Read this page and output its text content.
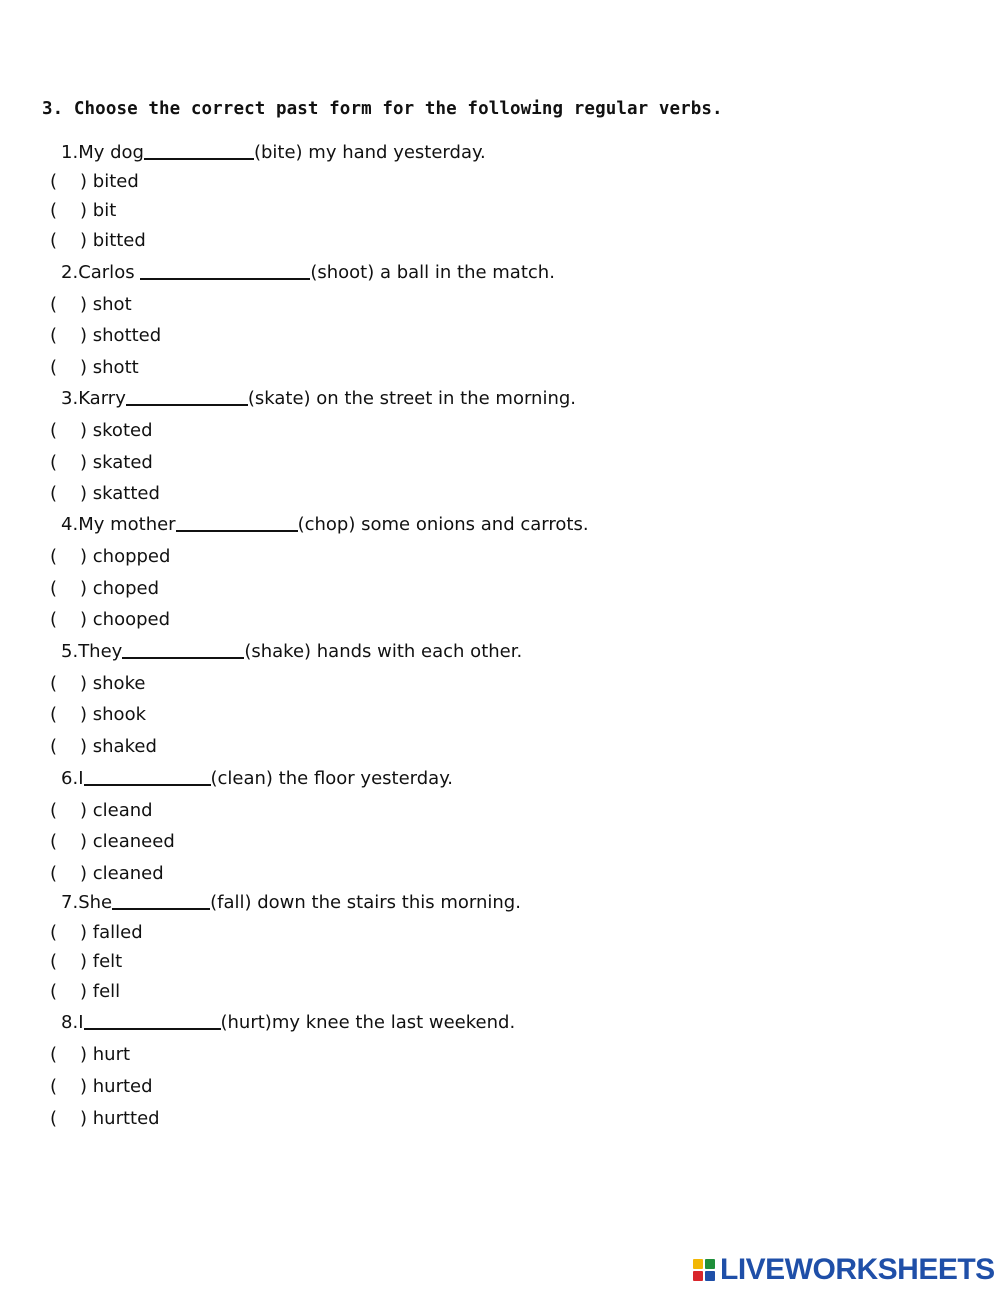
3. Choose the correct past form for the following regular verbs.
1.My dog	(bite) my hand yesterday.
( ) bited
( ) bit
( ) bitted
2.Carlos	(shoot) a ball in the match.
( ) shot
( ) shotted
( ) shott
3.Karry	(skate) on the street in the morning.
( ) skoted
( ) skated
( ) skatted
4.My mother	(chop) some onions and carrots.
( ) chopped
( ) choped
( ) chooped
5.They	(shake) hands with each other.
( ) shoke
( ) shook
( ) shaked
6.I	(clean) the floor yesterday.
( ) cleand
( ) cleaneed
( ) cleaned
7.She	(fall) down the stairs this morning.
( ) falled
( ) felt
( ) fell
8.I	(hurt)my knee the last weekend.
( ) hurt
( ) hurted
( ) hurtted
LIVEWORKSHEETS
